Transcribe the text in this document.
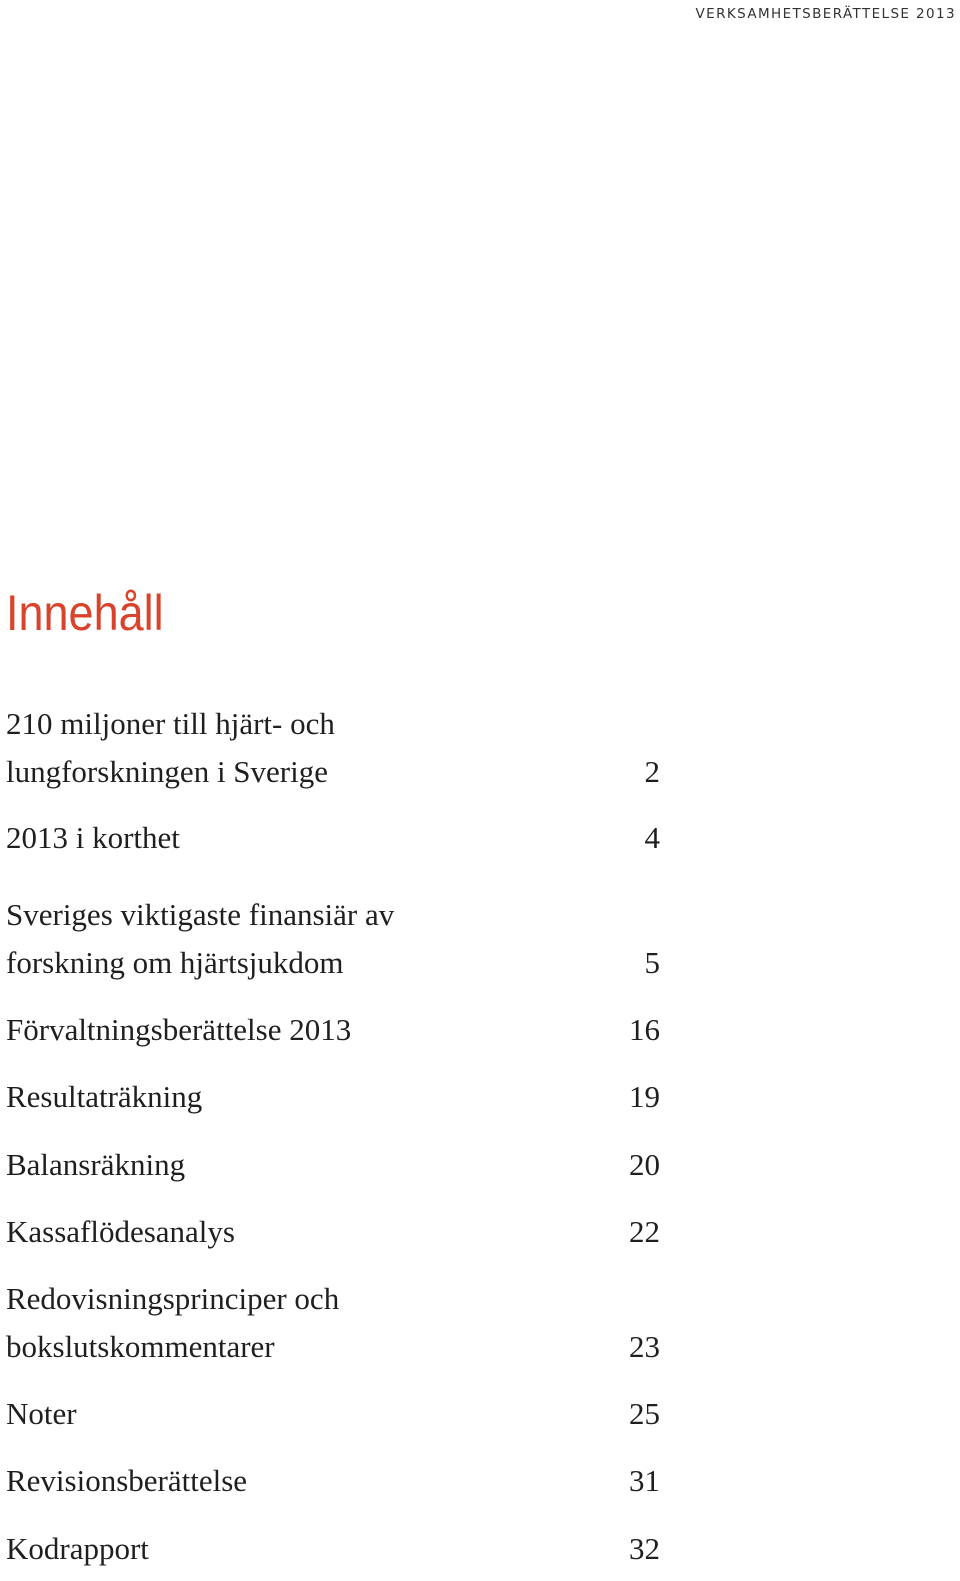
VERKSAMHETSBERÄTTELSE 2013
Innehåll
210 miljoner till hjärt- och
lungforskningen i Sverige	2
2013 i korthet	4
Sveriges viktigaste finansiär av
forskning om hjärtsjukdom	5
Förvaltningsberättelse 2013	16
Resultaträkning	19
Balansräkning	20
Kassaflödesanalys	22
Redovisningsprinciper och
bokslutskommentarer	23
Noter	25
Revisionsberättelse	31
Kodrapport	32
